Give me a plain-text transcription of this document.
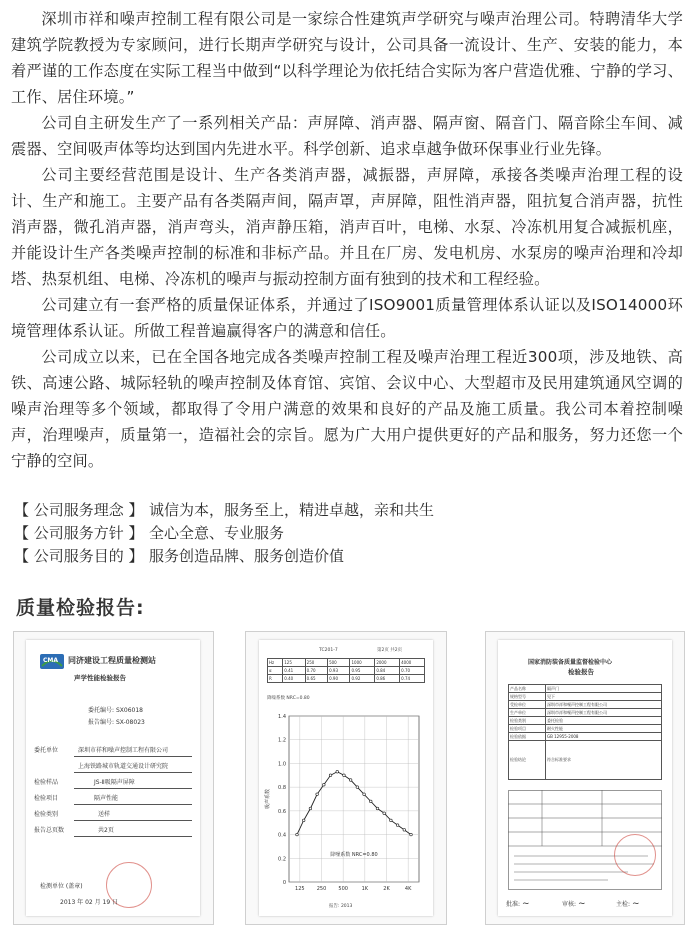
深圳市祥和噪声控制工程有限公司是一家综合性建筑声学研究与噪声治理公司。特聘清华大学建筑学院教授为专家顾问，进行长期声学研究与设计，公司具备一流设计、生产、安装的能力，本着严谨的工作态度在实际工程当中做到“以科学理论为依托结合实际为客户营造优雅、宁静的学习、工作、居住环境。”

公司自主研发生产了一系列相关产品：声屏障、消声器、隔声窗、隔音门、隔音除尘车间、减震器、空间吸声体等均达到国内先进水平。科学创新、追求卓越争做环保事业行业先锋。

公司主要经营范围是设计、生产各类消声器，减振器，声屏障，承接各类噪声治理工程的设计、生产和施工。主要产品有各类隔声间，隔声罩，声屏障，阻性消声器，阻抗复合消声器，抗性消声器，微孔消声器，消声弯头，消声静压箱，消声百叶，电梯、水泵、冷冻机用复合减振机座，并能设计生产各类噪声控制的标准和非标产品。并且在厂房、发电机房、水泵房的噪声治理和冷却塔、热泵机组、电梯、冷冻机的噪声与振动控制方面有独到的技术和工程经验。

公司建立有一套严格的质量保证体系，并通过了ISO9001质量管理体系认证以及ISO14000环境管理体系认证。所做工程普遍赢得客户的满意和信任。

公司成立以来，已在全国各地完成各类噪声控制工程及噪声治理工程近300项，涉及地铁、高铁、高速公路、城际轻轨的噪声控制及体育馆、宾馆、会议中心、大型超市及民用建筑通风空调的噪声治理等多个领域，都取得了令用户满意的效果和良好的产品及施工质量。我公司本着控制噪声，治理噪声，质量第一，造福社会的宗旨。愿为广大用户提供更好的产品和服务，努力还您一个宁静的空间。

【 公司服务理念 】 诚信为本，服务至上，精进卓越，亲和共生
【 公司服务方针 】 全心全意、专业服务
【 公司服务目的 】 服务创造品牌、服务创造价值
质量检验报告:
CMA 同济建设工程质量检测站
声学性能检验报告
委托编号: SX06018
报告编号: SX-08023
委托单位	深圳市祥和噪声控制工程有限公司
上海铁路城市轨道交通设计研究院
检验样品	JS-Ⅱ吸隔声屏障
检验项目	隔声性能
检验类别	送样
报告总页数	共2页
检测单位 (盖章)
2013 年 02 月 19 日
TC201-7	第2页 共2页
Hz	125	250	500	1000	2000	4000
α	0.41	0.70	0.93	0.95	0.84	0.70
R	0.40	0.65	0.90	0.92	0.86	0.74
降噪系数 NRC=0.80
0
0.2
0.4
0.6
0.8
1.0
1.2
1.4
125 250 500	1K	2K	4K
吸声系数
降噪系数 NRC=0.80
报告: 2013
国家消防装备质量监督检验中心
检验报告
产品名称	隔声门
规格型号	见下
受检单位	深圳市祥和噪声控制工程有限公司
生产单位	深圳市祥和噪声控制工程有限公司
检验类别	委托检验
检验项目	耐火性能
检验依据	GB 12955-2008
检验结论	符合标准要求
批准: ~	审核: ~	主检: ~
